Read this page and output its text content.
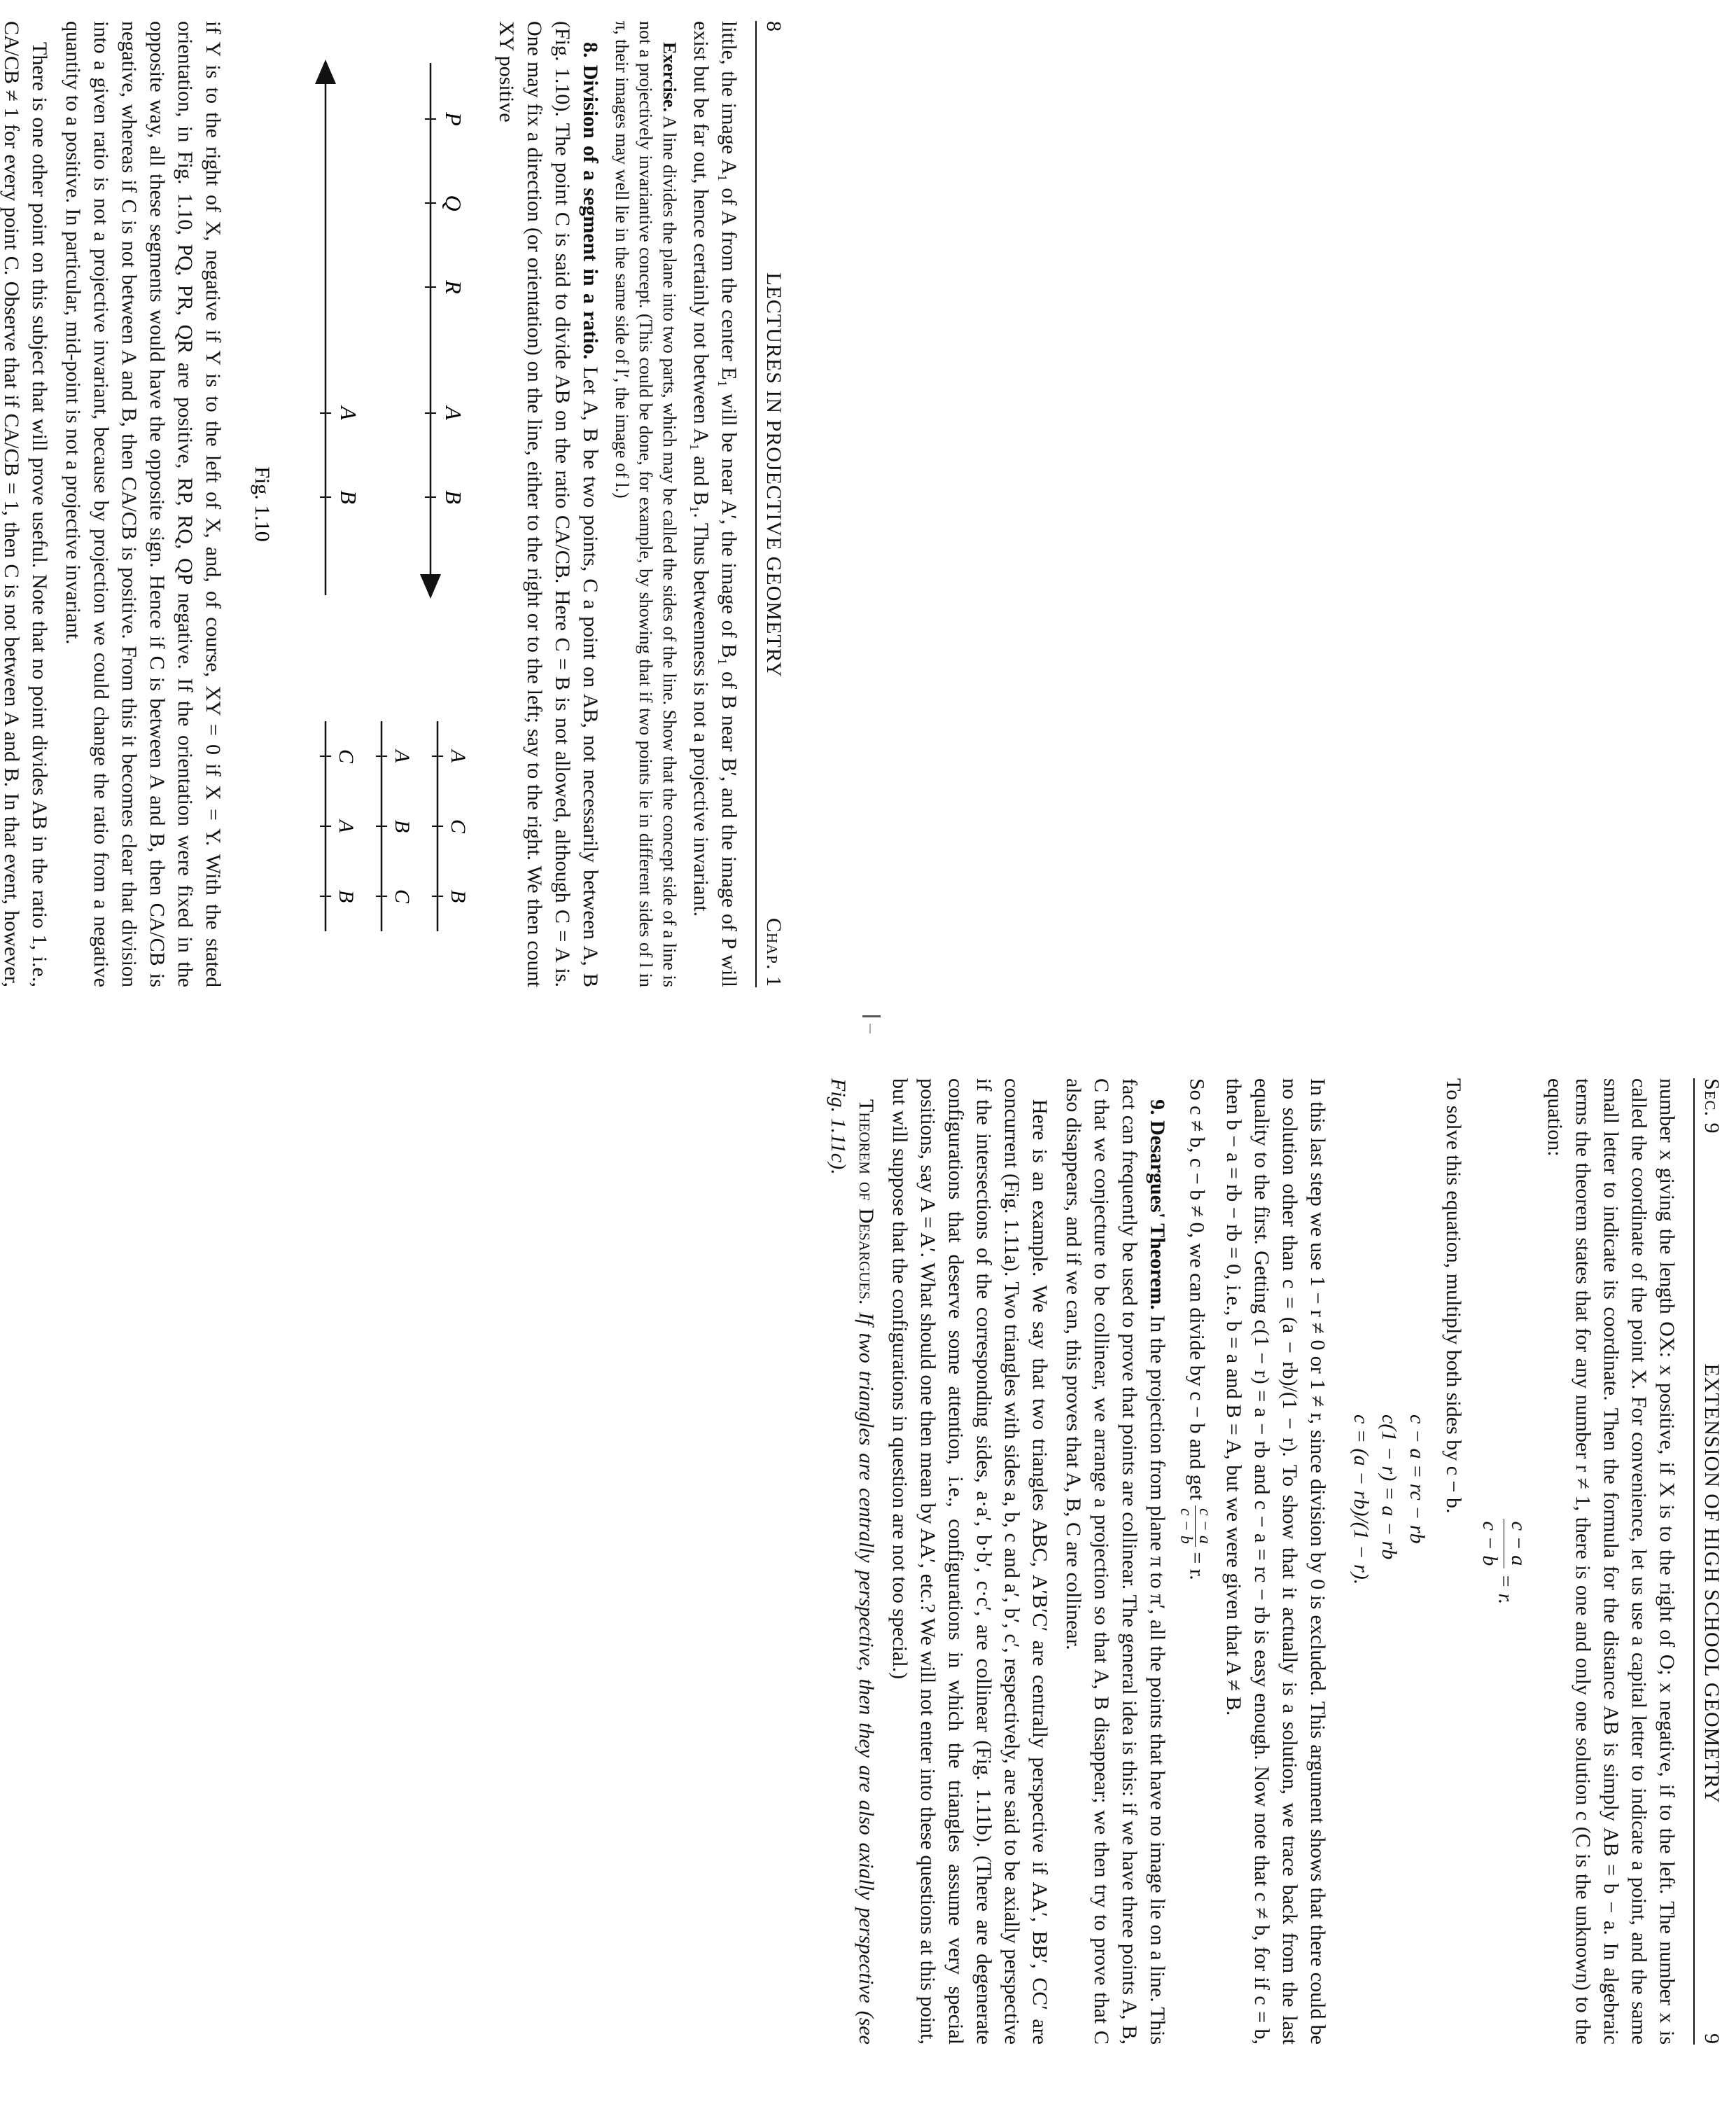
8
LECTURES IN PROJECTIVE GEOMETRY
Chap. 1

little, the image A₁ of A from the center E₁ will be near A′, the image of B₁ of B near B′, and the image of P will exist but be far out, hence certainly not between A₁ and B₁. Thus betweenness is not a projective invariant.

Exercise. A line divides the plane into two parts, which may be called the sides of the line. Show that the concept side of a line is not a projectively invariantive concept. (This could be done, for example, by showing that if two points lie in different sides of l in π, their images may well lie in the same side of l′, the image of l.)

8. Division of a segment in a ratio. Let A, B be two points, C a point on AB, not necessarily between A, B (Fig. 1.10). The point C is said to divide AB on the ratio CA/CB. Here C = B is not allowed, although C = A is. One may fix a direction (or orientation) on the line, either to the right or to the left; say to the right. We then count XY positive

P
Q
R
A
B
A
B
A
C
B
A
B
C
C
A
B
Fig. 1.10

if Y is to the right of X, negative if Y is to the left of X, and, of course, XY = 0 if X = Y. With the stated orientation, in Fig. 1.10, PQ, PR, QR are positive, RP, RQ, QP negative. If the orientation were fixed in the opposite way, all these segments would have the opposite sign. Hence if C is between A and B, then CA/CB is negative, whereas if C is not between A and B, then CA/CB is positive. From this it becomes clear that division into a given ratio is not a projective invariant, because by projection we could change the ratio from a negative quantity to a positive. In particular, mid-point is not a projective invariant.

There is one other point on this subject that will prove useful. Note that no point divides AB in the ratio 1, i.e., CA/CB ≠ 1 for every point C. Observe that if CA/CB = 1, then C is not between A and B. In that event, however,

Sec. 9
EXTENSION OF HIGH SCHOOL GEOMETRY
9

number x giving the length OX: x positive, if X is to the right of O; x negative, if to the left. The number x is called the coordinate of the point X. For convenience, let us use a capital letter to indicate a point, and the same small letter to indicate its coordinate. Then the formula for the distance AB is simply AB = b − a. In algebraic terms the theorem states that for any number r ≠ 1, there is one and only one solution c (C is the unknown) to the equation:

c − a
c − b
= r.

To solve this equation, multiply both sides by c − b.

c − a = rc − rb
c(1 − r) = a − rb
c = (a − rb)/(1 − r).

In this last step we use 1 − r ≠ 0 or 1 ≠ r, since division by 0 is excluded. This argument shows that there could be no solution other than c = (a − rb)/(1 − r). To show that it actually is a solution, we trace back from the last equality to the first. Getting c(1 − r) = a − rb and c − a = rc − rb is easy enough. Now note that c ≠ b, for if c = b, then b − a = rb − rb = 0, i.e., b = a and B = A, but we were given that A ≠ B.

So c ≠ b, c − b ≠ 0, we can divide by c − b and get
c − a
c − b
= r.

9. Desargues' Theorem. In the projection from plane π to π′, all the points that have no image lie on a line. This fact can frequently be used to prove that points are collinear. The general idea is this: if we have three points A, B, C that we conjecture to be collinear, we arrange a projection so that A, B disappear; we then try to prove that C also disappears, and if we can, this proves that A, B, C are collinear.

Here is an example. We say that two triangles ABC, A′B′C′ are centrally perspective if AA′, BB′, CC′ are concurrent (Fig. 1.11a). Two triangles with sides a, b, c and a′, b′, c′, respectively, are said to be axially perspective if the intersections of the corresponding sides, a·a′, b·b′, c·c′, are collinear (Fig. 1.11b). (There are degenerate configurations that deserve some attention, i.e., configurations in which the triangles assume very special positions, say A = A′. What should one then mean by AA′, etc.? We will not enter into these questions at this point, but will suppose that the configurations in question are not too special.)

Theorem of Desargues. If two triangles are centrally perspective, then they are also axially perspective (see Fig. 1.11c).
